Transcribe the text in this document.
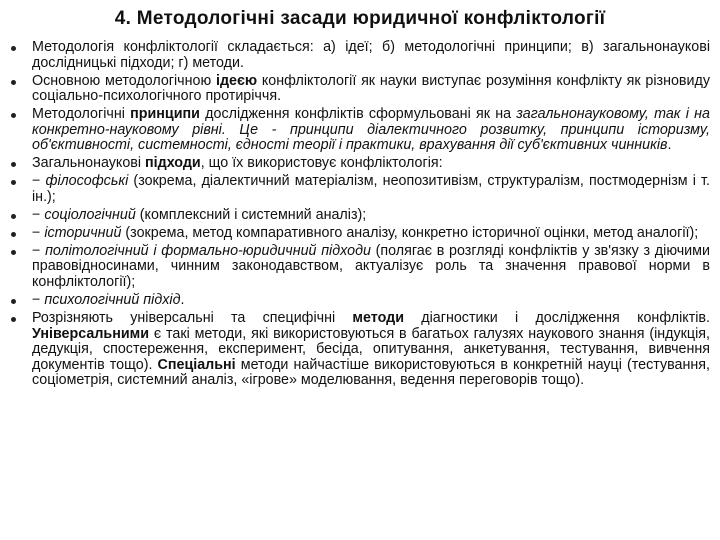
4. Методологічні засади юридичної конфліктології
Методологія конфліктології складається: а) ідеї; б) методологічні принципи; в) загальнонаукові дослідницькі підходи; г) методи.
Основною методологічною ідеєю конфліктології як науки виступає розуміння конфлікту як різновиду соціально-психологічного протиріччя.
Методологічні принципи дослідження конфліктів сформульовані як на загальнонауковому, так і на конкретно-науковому рівні. Це - принципи діалектичного розвитку, принципи історизму, об'єктивності, системності, єдності теорії і практики, врахування дії суб'єктивних чинників.
Загальнонаукові підходи, що їх використовує конфліктологія:
− філософські (зокрема, діалектичний матеріалізм, неопозитивізм, структуралізм, постмодернізм і т. ін.);
− соціологічний (комплексний і системний аналіз);
− історичний (зокрема, метод компаративного аналізу, конкретно історичної оцінки, метод аналогії);
− політологічний і формально-юридичний підходи (полягає в розгляді конфліктів у зв'язку з діючими правовідносинами, чинним законодавством, актуалізує роль та значення правової норми в конфліктології);
− психологічний підхід.
Розрізняють універсальні та специфічні методи діагностики і дослідження конфліктів. Універсальними є такі методи, які використовуються в багатьох галузях наукового знання (індукція, дедукція, спостереження, експеримент, бесіда, опитування, анкетування, тестування, вивчення документів тощо). Спеціальні методи найчастіше використовуються в конкретній науці (тестування, соціометрія, системний аналіз, «ігрове» моделювання, ведення переговорів тощо).
